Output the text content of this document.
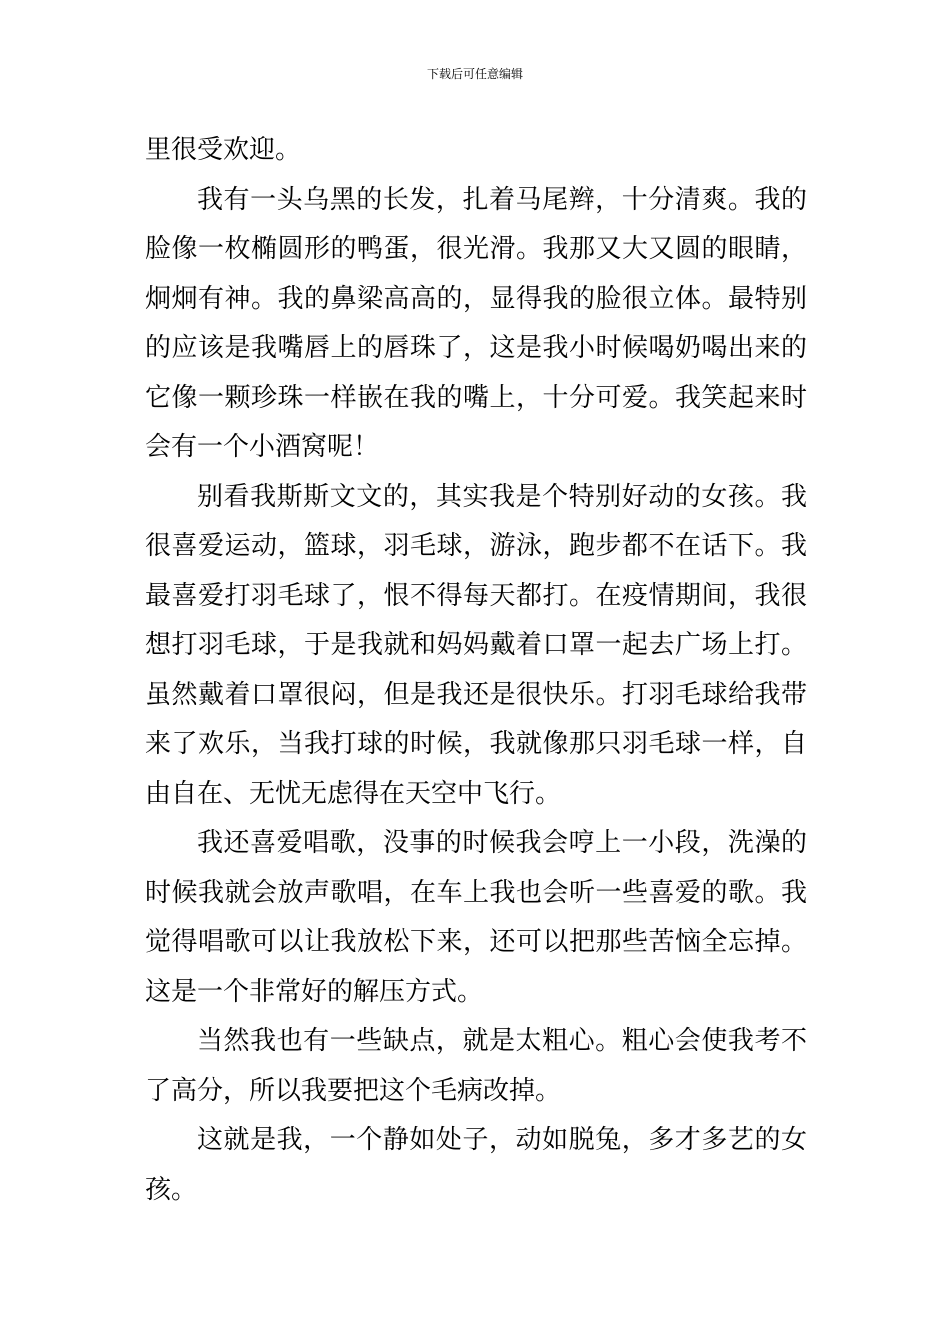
下载后可任意编辑
里很受欢迎。
我有一头乌黑的长发，扎着马尾辫，十分清爽。我的
脸像一枚椭圆形的鸭蛋，很光滑。我那又大又圆的眼睛，
炯炯有神。我的鼻梁高高的，显得我的脸很立体。最特别
的应该是我嘴唇上的唇珠了，这是我小时候喝奶喝出来的
它像一颗珍珠一样嵌在我的嘴上，十分可爱。我笑起来时
会有一个小酒窝呢！
别看我斯斯文文的，其实我是个特别好动的女孩。我
很喜爱运动，篮球，羽毛球，游泳，跑步都不在话下。我
最喜爱打羽毛球了，恨不得每天都打。在疫情期间，我很
想打羽毛球，于是我就和妈妈戴着口罩一起去广场上打。
虽然戴着口罩很闷，但是我还是很快乐。打羽毛球给我带
来了欢乐，当我打球的时候，我就像那只羽毛球一样，自
由自在、无忧无虑得在天空中飞行。
我还喜爱唱歌，没事的时候我会哼上一小段，洗澡的
时候我就会放声歌唱，在车上我也会听一些喜爱的歌。我
觉得唱歌可以让我放松下来，还可以把那些苦恼全忘掉。
这是一个非常好的解压方式。
当然我也有一些缺点，就是太粗心。粗心会使我考不
了高分，所以我要把这个毛病改掉。
这就是我，一个静如处子，动如脱兔，多才多艺的女
孩。
